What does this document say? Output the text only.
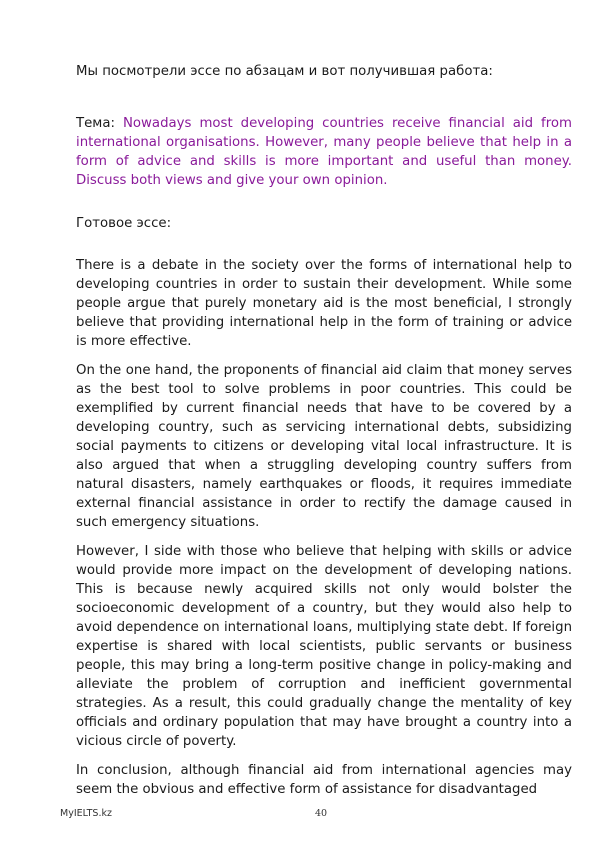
Мы посмотрели эссе по абзацам и вот получившая работа:

Тема: Nowadays most developing countries receive financial aid from international organisations. However, many people believe that help in a form of advice and skills is more important and useful than money. Discuss both views and give your own opinion.

Готовое эссе:

There is a debate in the society over the forms of international help to developing countries in order to sustain their development. While some people argue that purely monetary aid is the most beneficial, I strongly believe that providing international help in the form of training or advice is more effective.

On the one hand, the proponents of financial aid claim that money serves as the best tool to solve problems in poor countries. This could be exemplified by current financial needs that have to be covered by a developing country, such as servicing international debts, subsidizing social payments to citizens or developing vital local infrastructure. It is also argued that when a struggling developing country suffers from natural disasters, namely earthquakes or floods, it requires immediate external financial assistance in order to rectify the damage caused in such emergency situations.

However, I side with those who believe that helping with skills or advice would provide more impact on the development of developing nations. This is because newly acquired skills not only would bolster the socioeconomic development of a country, but they would also help to avoid dependence on international loans, multiplying state debt. If foreign expertise is shared with local scientists, public servants or business people, this may bring a long-term positive change in policy-making and alleviate the problem of corruption and inefficient governmental strategies. As a result, this could gradually change the mentality of key officials and ordinary population that may have brought a country into a vicious circle of poverty.

In conclusion, although financial aid from international agencies may seem the obvious and effective form of assistance for disadvantaged

MyIELTS.kz	40
